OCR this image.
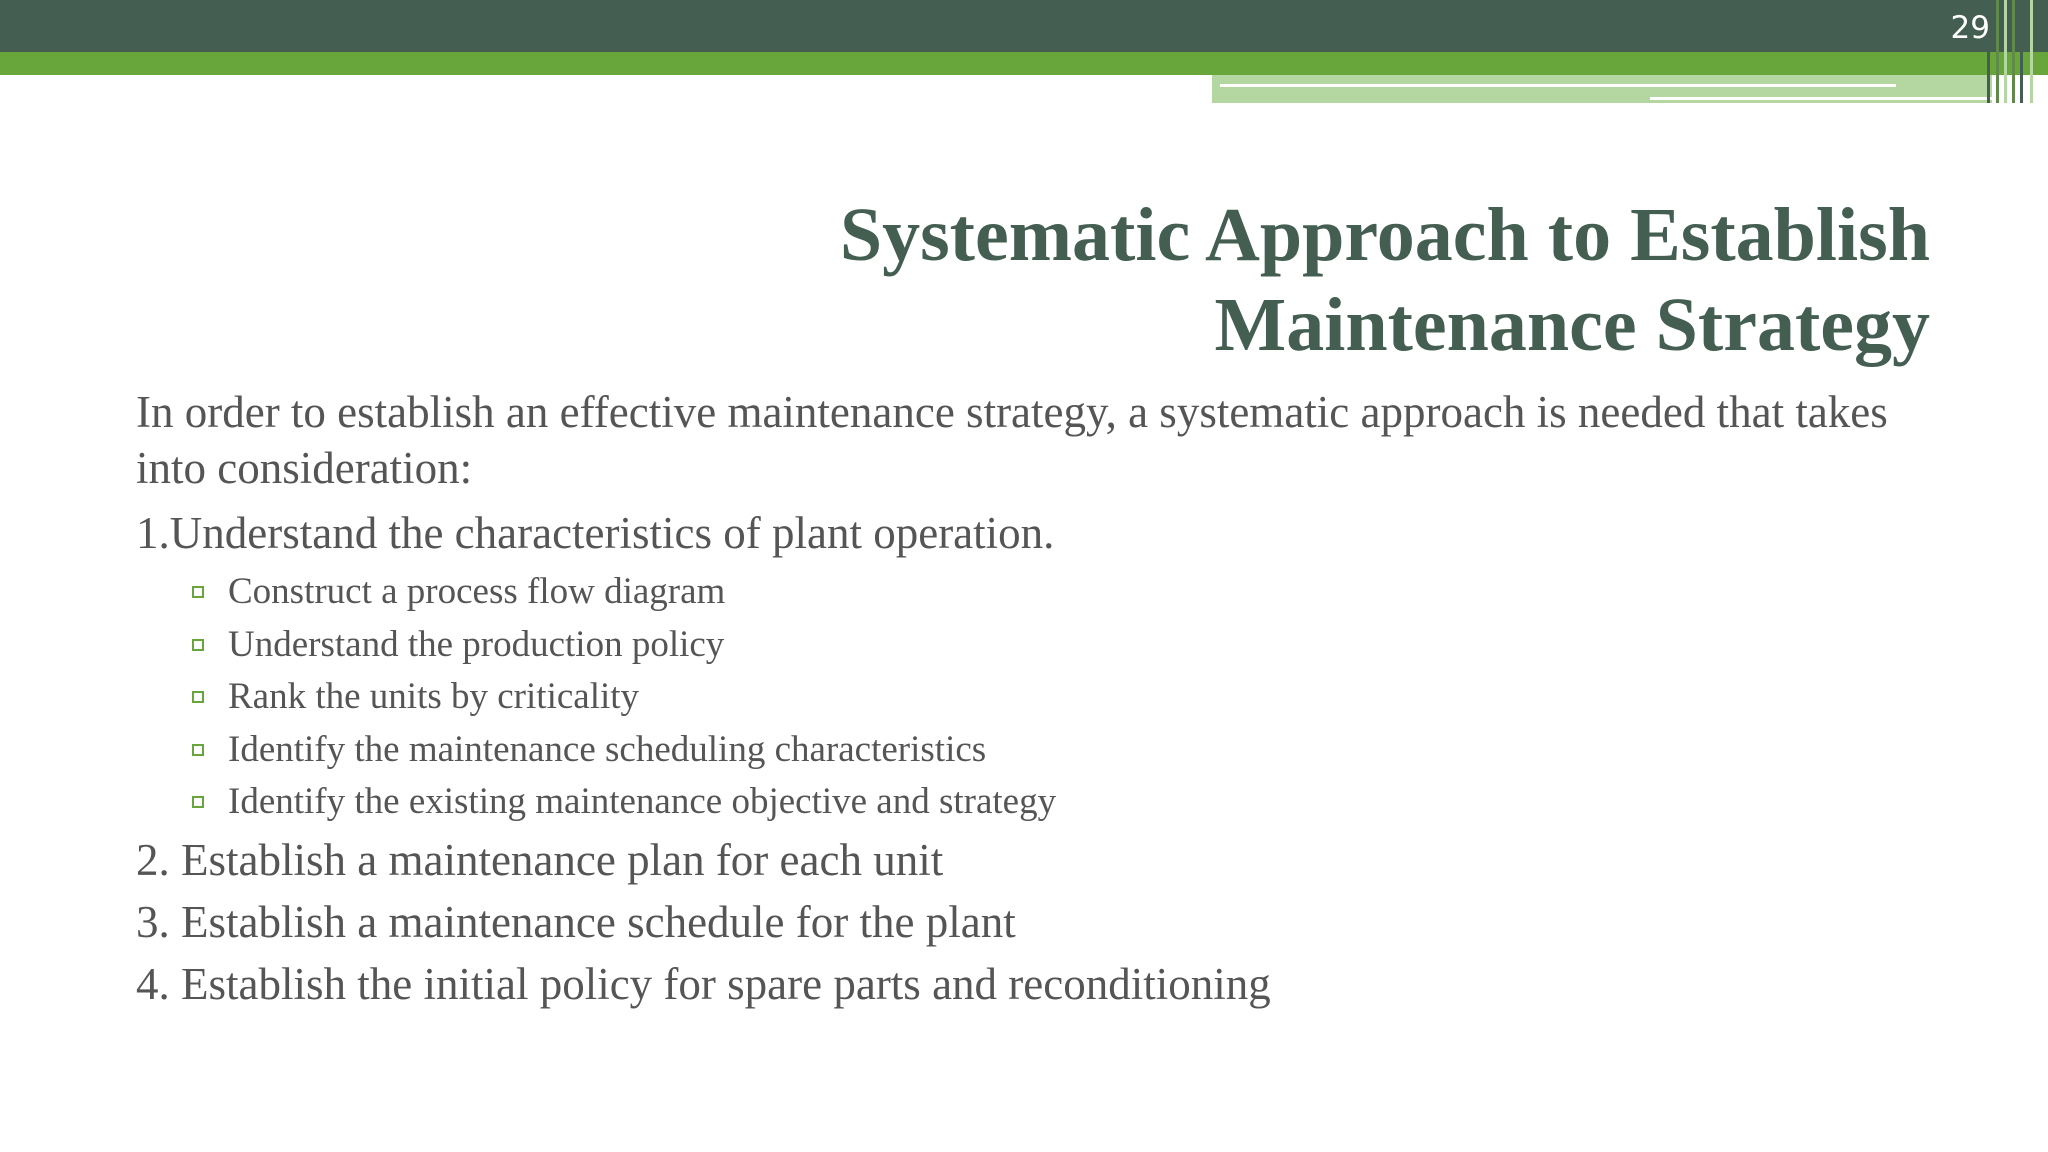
29
Systematic Approach to Establish
Maintenance Strategy

In order to establish an effective maintenance strategy, a systematic approach is needed that takes into consideration:

1.Understand the characteristics of plant operation.

Construct a process flow diagram
Understand the production policy
Rank the units by criticality
Identify the maintenance scheduling characteristics
Identify the existing maintenance objective and strategy

2. Establish a maintenance plan for each unit

3. Establish a maintenance schedule for the plant

4. Establish the initial policy for spare parts and reconditioning
